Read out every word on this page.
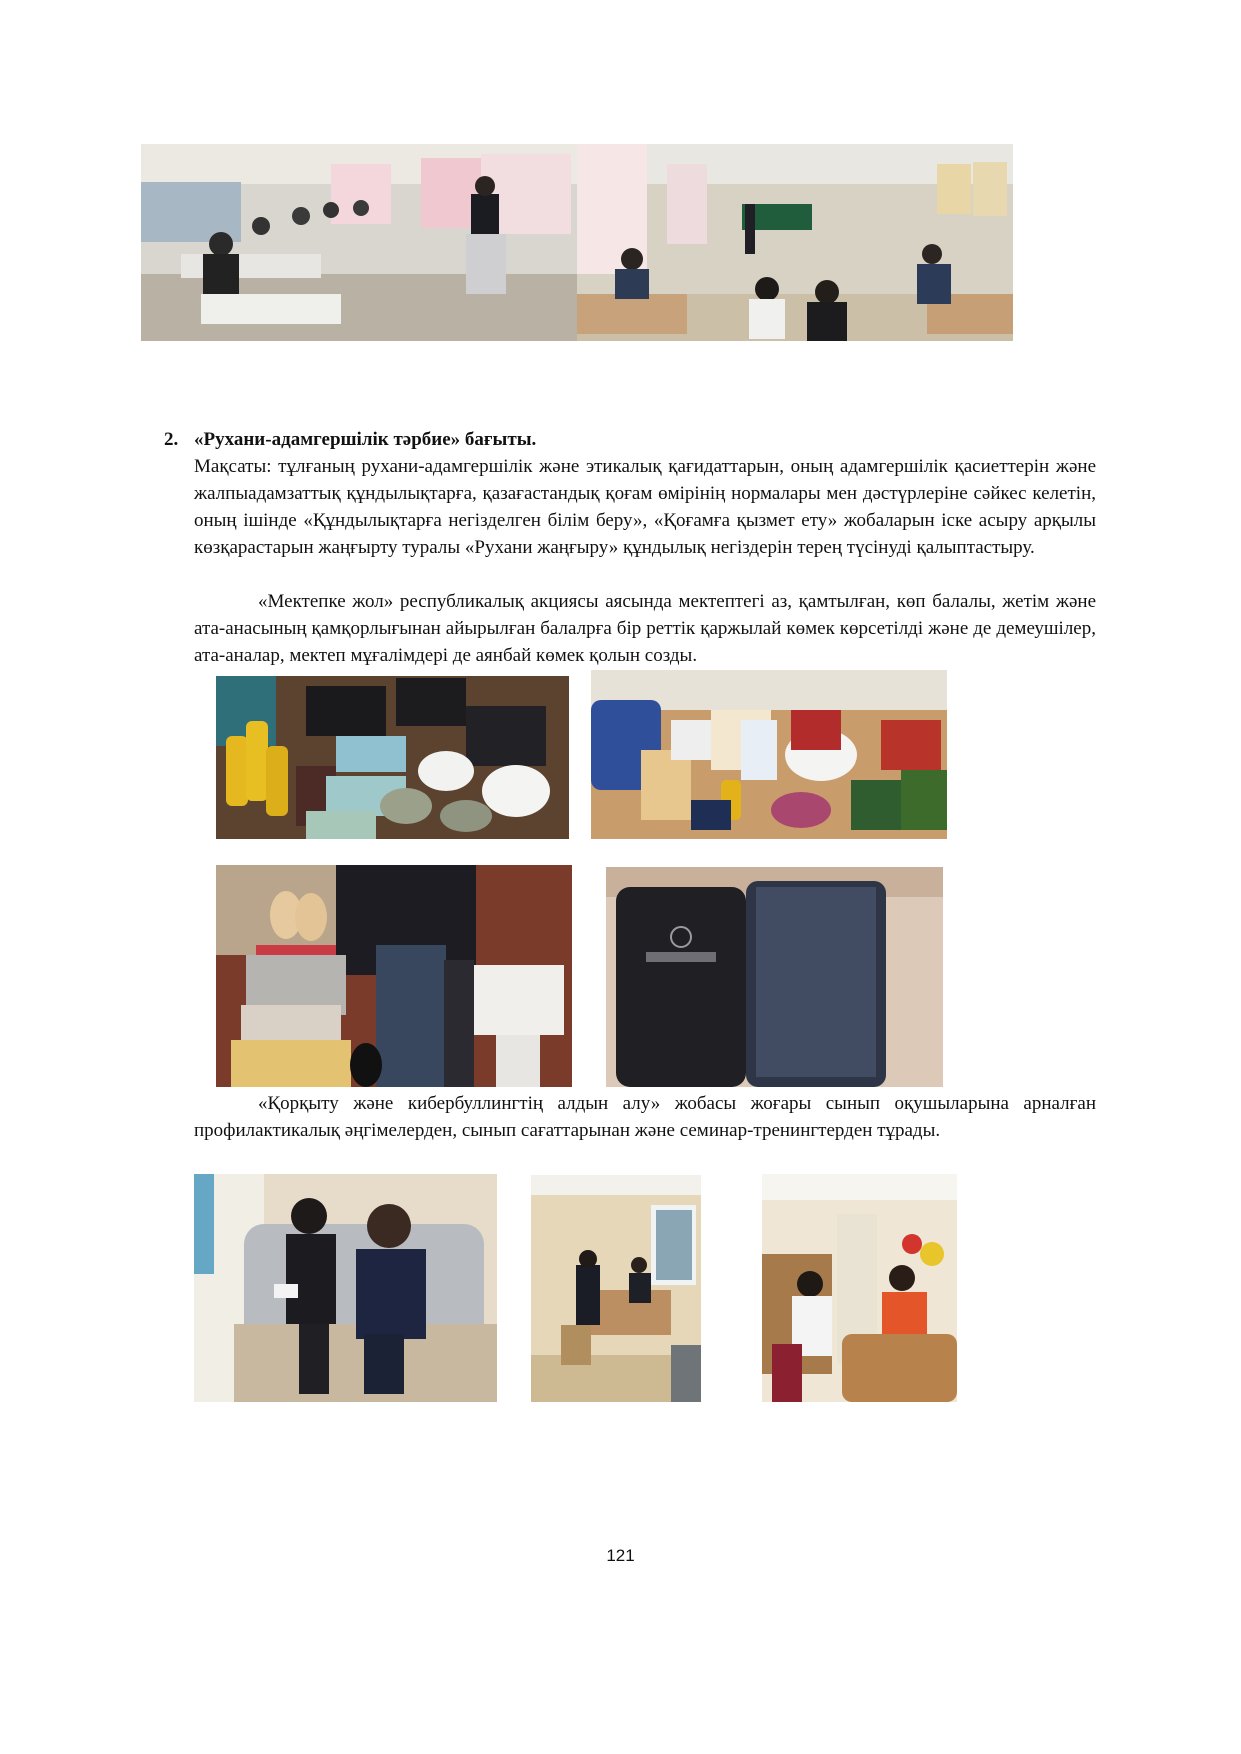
2. «Рухани-адамгершілік тәрбие» бағыты.

Мақсаты: тұлғаның рухани-адамгершілік және этикалық қағидаттарын, оның адамгершілік қасиеттерін және жалпыадамзаттық құндылықтарға, қазағастандық қоғам өмірінің нормалары мен дәстүрлеріне сәйкес келетін, оның ішінде «Құндылықтарға негізделген білім беру», «Қоғамға қызмет ету» жобаларын іске асыру арқылы көзқарастарын жаңғырту туралы «Рухани жаңғыру» құндылық негіздерін терең түсінуді қалыптастыру.

«Мектепке жол» республикалық акциясы аясында мектептегі аз, қамтылған, көп балалы, жетім және ата-анасының қамқорлығынан айырылған балалрға бір реттік қаржылай көмек көрсетілді және де демеушілер, ата-аналар, мектеп мұғалімдері де аянбай көмек қолын созды.

«Қорқыту және кибербуллингтің алдын алу» жобасы жоғары сынып оқушыларына арналған профилактикалық әңгімелерден, сынып сағаттарынан және семинар-тренингтерден тұрады.

121
